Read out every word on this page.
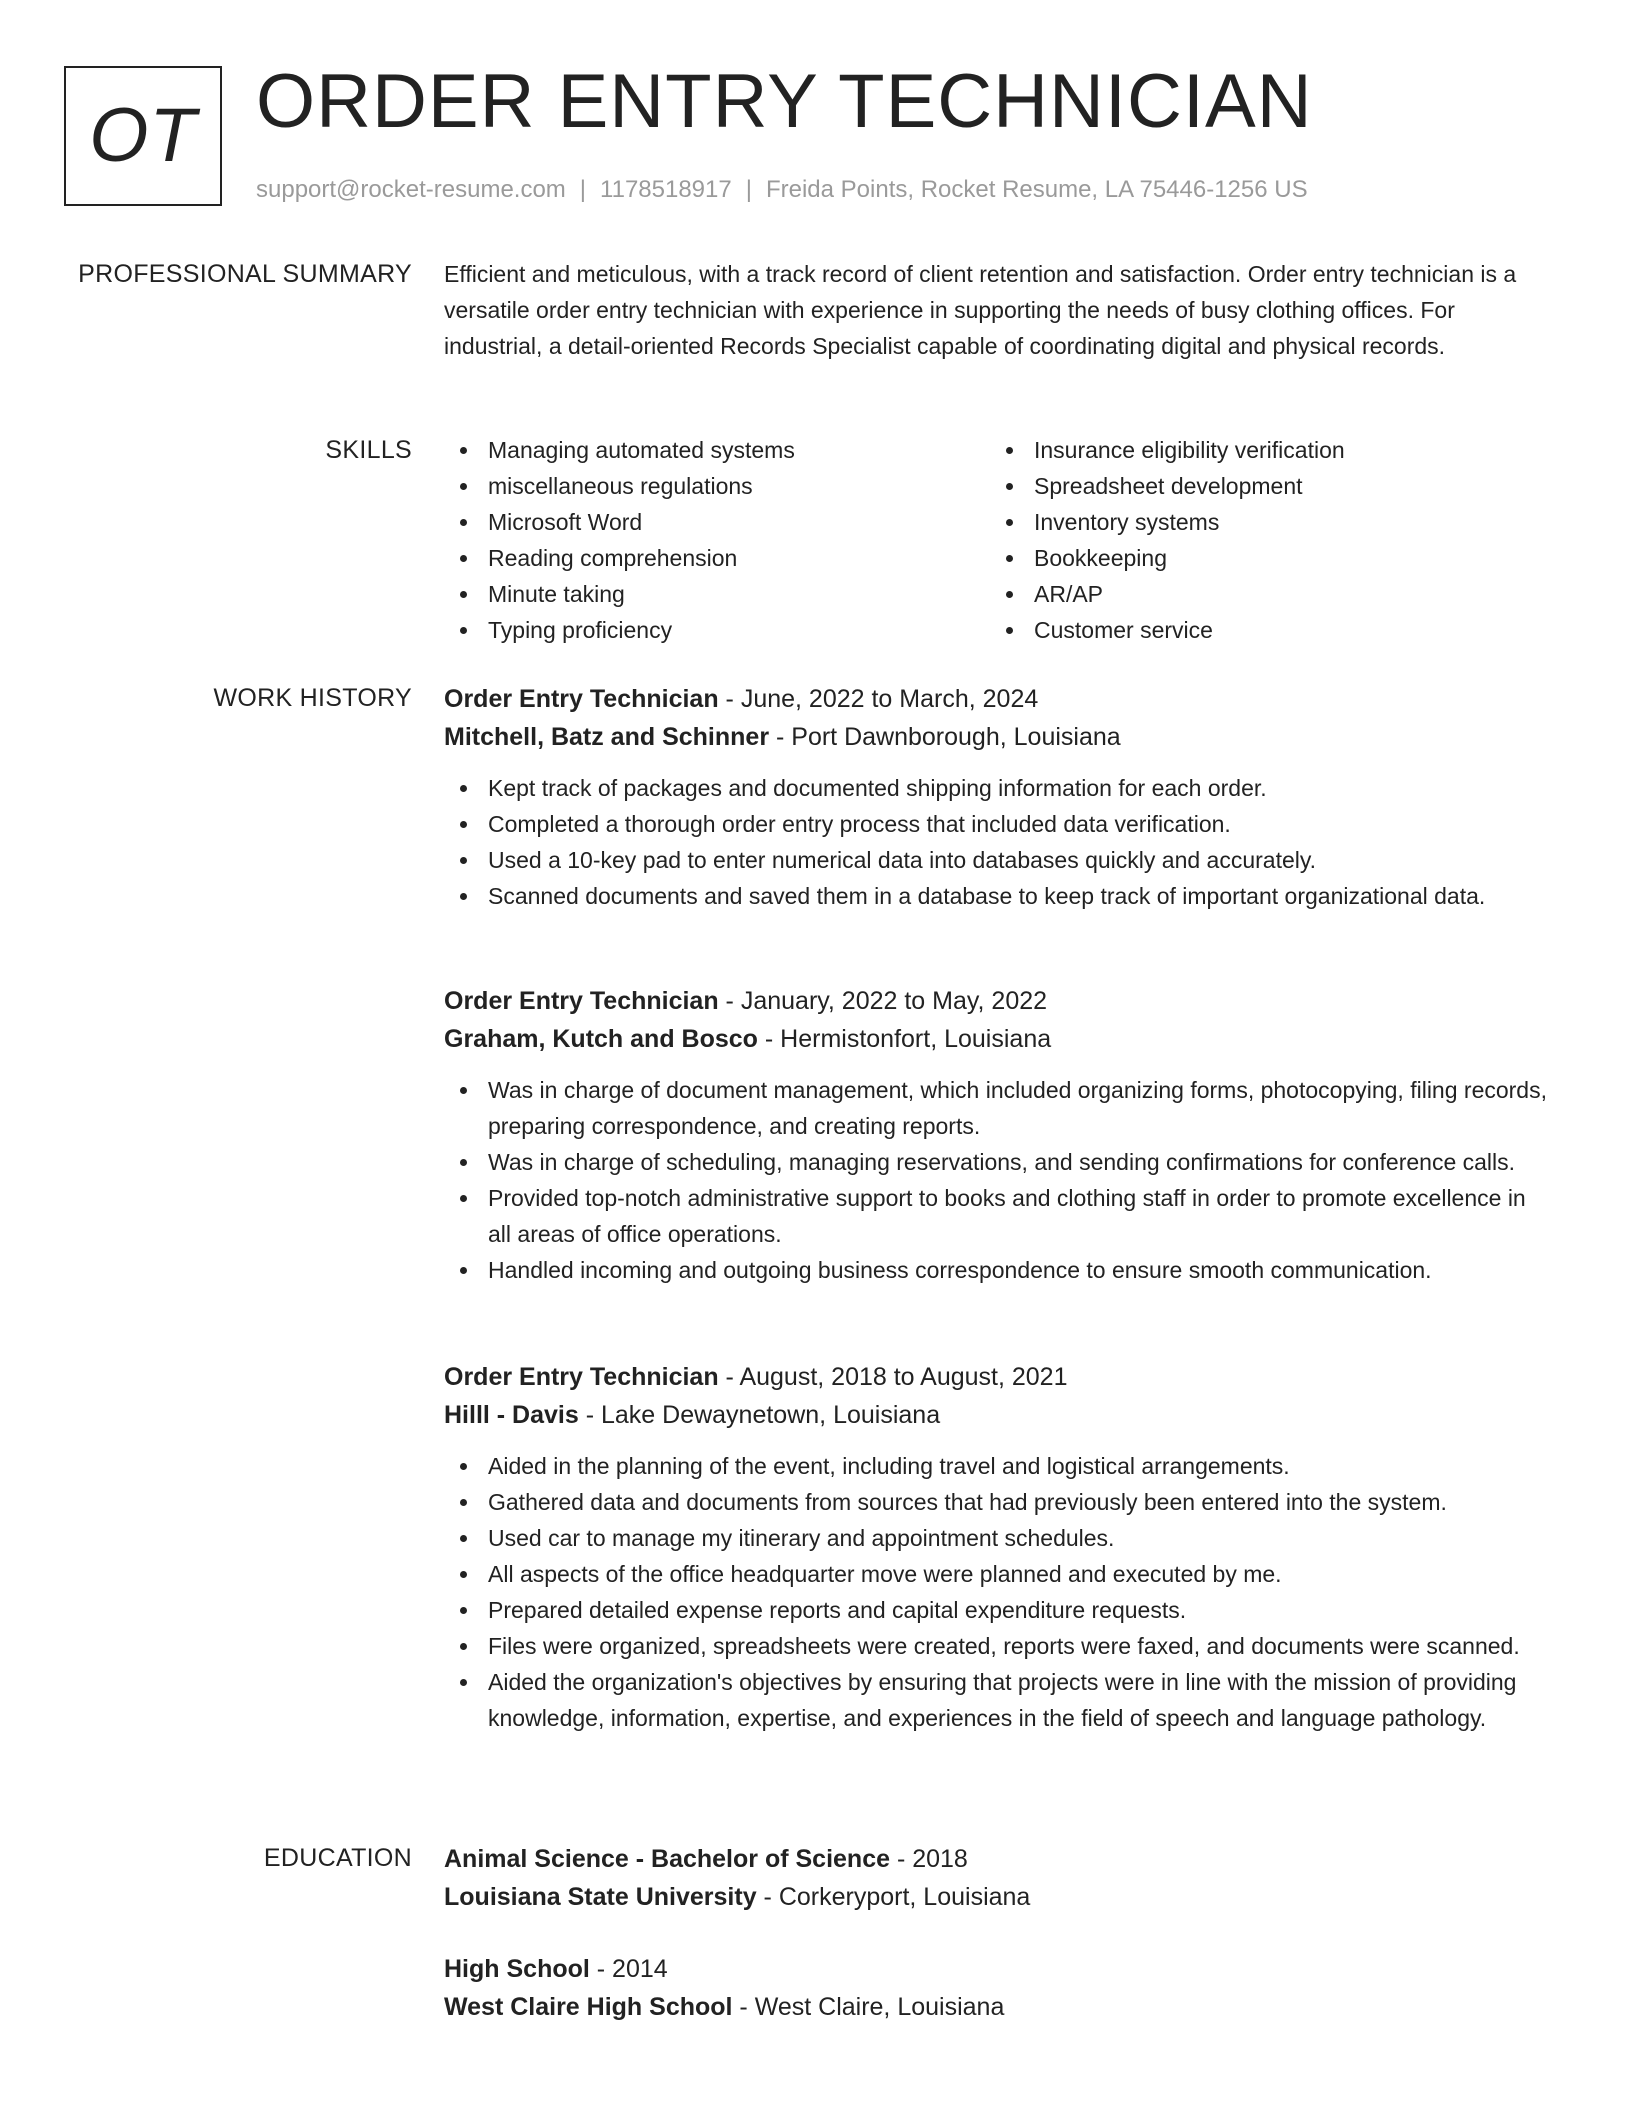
OT ORDER ENTRY TECHNICIAN
support@rocket-resume.com | 1178518917 | Freida Points, Rocket Resume, LA 75446-1256 US
PROFESSIONAL SUMMARY Efficient and meticulous, with a track record of client retention and satisfaction. Order entry technician is a versatile order entry technician with experience in supporting the needs of busy clothing offices. For industrial, a detail-oriented Records Specialist capable of coordinating digital and physical records.

SKILLS	Managing automated systems
miscellaneous regulations
Microsoft Word
Reading comprehension
Minute taking
Typing proficiency
Insurance eligibility verification
Spreadsheet development
Inventory systems
Bookkeeping
AR/AP
Customer service
WORK HISTORY Order Entry Technician - June, 2022 to March, 2024
Mitchell, Batz and Schinner - Port Dawnborough, Louisiana
Kept track of packages and documented shipping information for each order.
Completed a thorough order entry process that included data verification.
Used a 10-key pad to enter numerical data into databases quickly and accurately.
Scanned documents and saved them in a database to keep track of important organizational data.
Order Entry Technician - January, 2022 to May, 2022
Graham, Kutch and Bosco - Hermistonfort, Louisiana
Was in charge of document management, which included organizing forms, photocopying, filing records, preparing correspondence, and creating reports.
Was in charge of scheduling, managing reservations, and sending confirmations for conference calls.
Provided top-notch administrative support to books and clothing staff in order to promote excellence in all areas of office operations.
Handled incoming and outgoing business correspondence to ensure smooth communication.
Order Entry Technician - August, 2018 to August, 2021
Hilll - Davis - Lake Dewaynetown, Louisiana
Aided in the planning of the event, including travel and logistical arrangements.
Gathered data and documents from sources that had previously been entered into the system.
Used car to manage my itinerary and appointment schedules.
All aspects of the office headquarter move were planned and executed by me.
Prepared detailed expense reports and capital expenditure requests.
Files were organized, spreadsheets were created, reports were faxed, and documents were scanned.
Aided the organization's objectives by ensuring that projects were in line with the mission of providing knowledge, information, expertise, and experiences in the field of speech and language pathology.
EDUCATION Animal Science - Bachelor of Science - 2018
Louisiana State University - Corkeryport, Louisiana
High School - 2014
West Claire High School - West Claire, Louisiana
